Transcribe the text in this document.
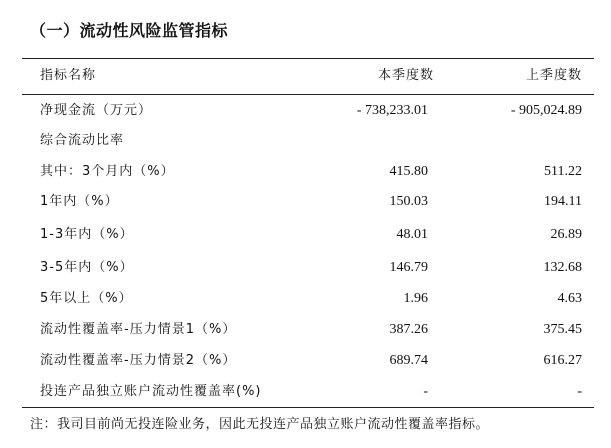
（一）流动性风险监管指标
指标名称	本季度数	上季度数
净现金流（万元）	- 738,233.01	- 905,024.89
综合流动比率
其中：3个月内（%）	415.80	511.22
1年内（%）	150.03	194.11
1-3年内（%）	48.01	26.89
3-5年内（%）	146.79	132.68
5年以上（%）	1.96	4.63
流动性覆盖率-压力情景1（%）	387.26	375.45
流动性覆盖率-压力情景2（%）	689.74	616.27
投连产品独立账户流动性覆盖率(%)	-	-
注：我司目前尚无投连险业务，因此无投连产品独立账户流动性覆盖率指标。
